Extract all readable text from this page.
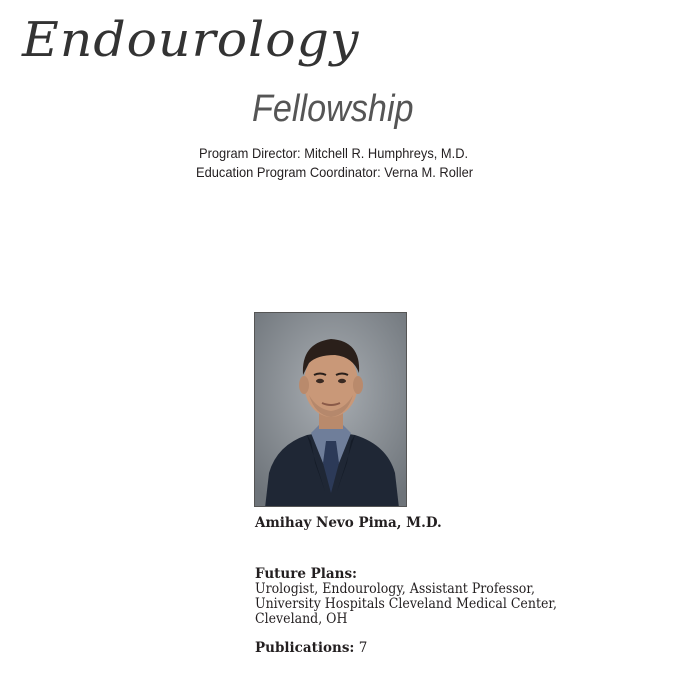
Endourology
Fellowship
Program Director: Mitchell R. Humphreys, M.D.
Education Program Coordinator: Verna M. Roller
Amihay Nevo Pima, M.D.
Future Plans:
Urologist, Endourology, Assistant Professor,
University Hospitals Cleveland Medical Center,
Cleveland, OH
Publications: 7
